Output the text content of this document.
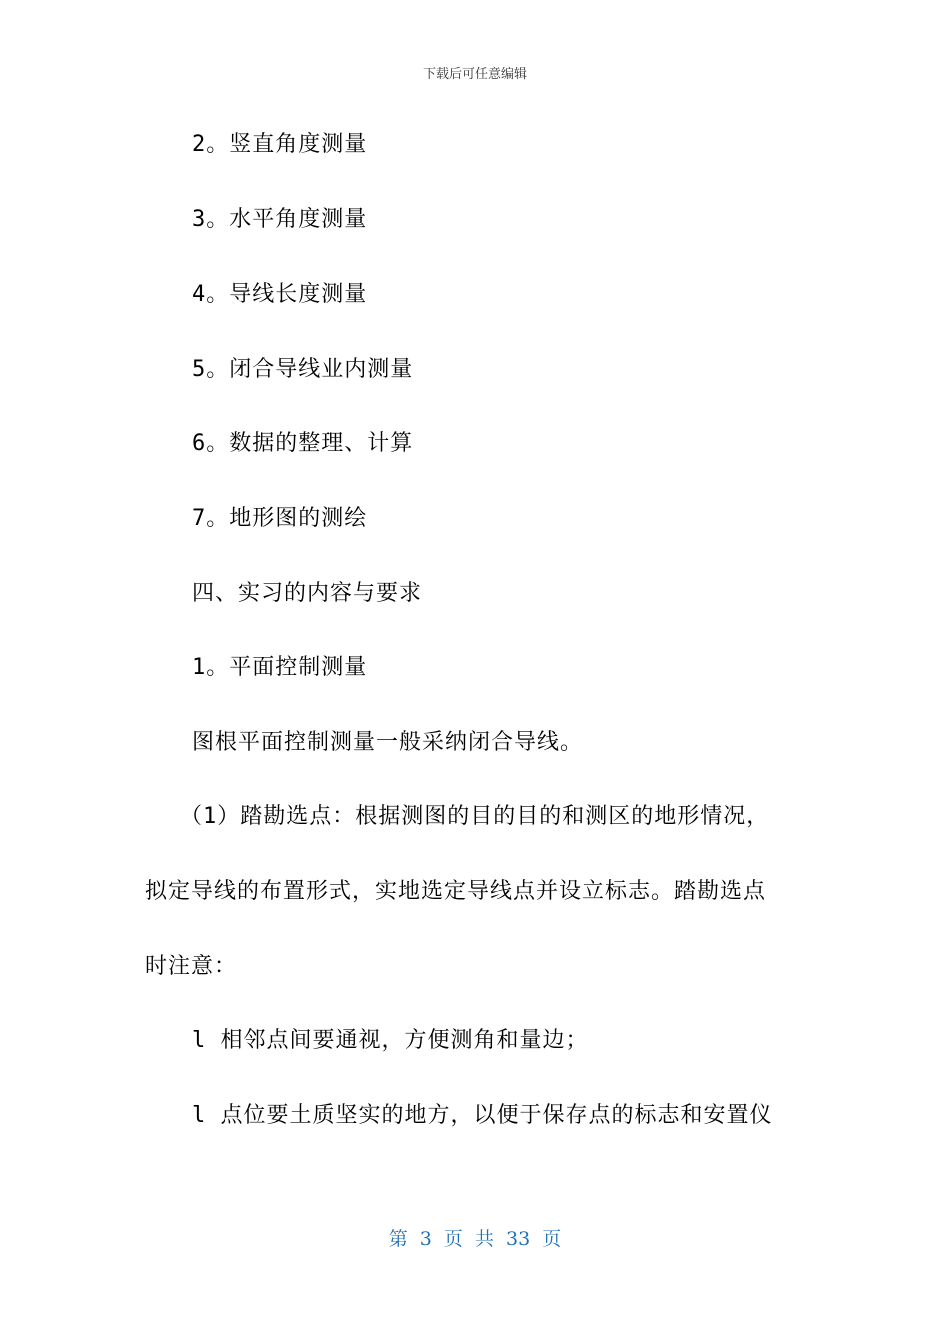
下载后可任意编辑
2。竖直角度测量
3。水平角度测量
4。导线长度测量
5。闭合导线业内测量
6。数据的整理、计算
7。地形图的测绘
四、实习的内容与要求
1。平面控制测量
图根平面控制测量一般采纳闭合导线。
（1）踏勘选点：根据测图的目的目的和测区的地形情况，
拟定导线的布置形式，实地选定导线点并设立标志。踏勘选点
时注意：
l 相邻点间要通视，方便测角和量边；
l 点位要土质坚实的地方，以便于保存点的标志和安置仪
第 3 页 共 33 页
